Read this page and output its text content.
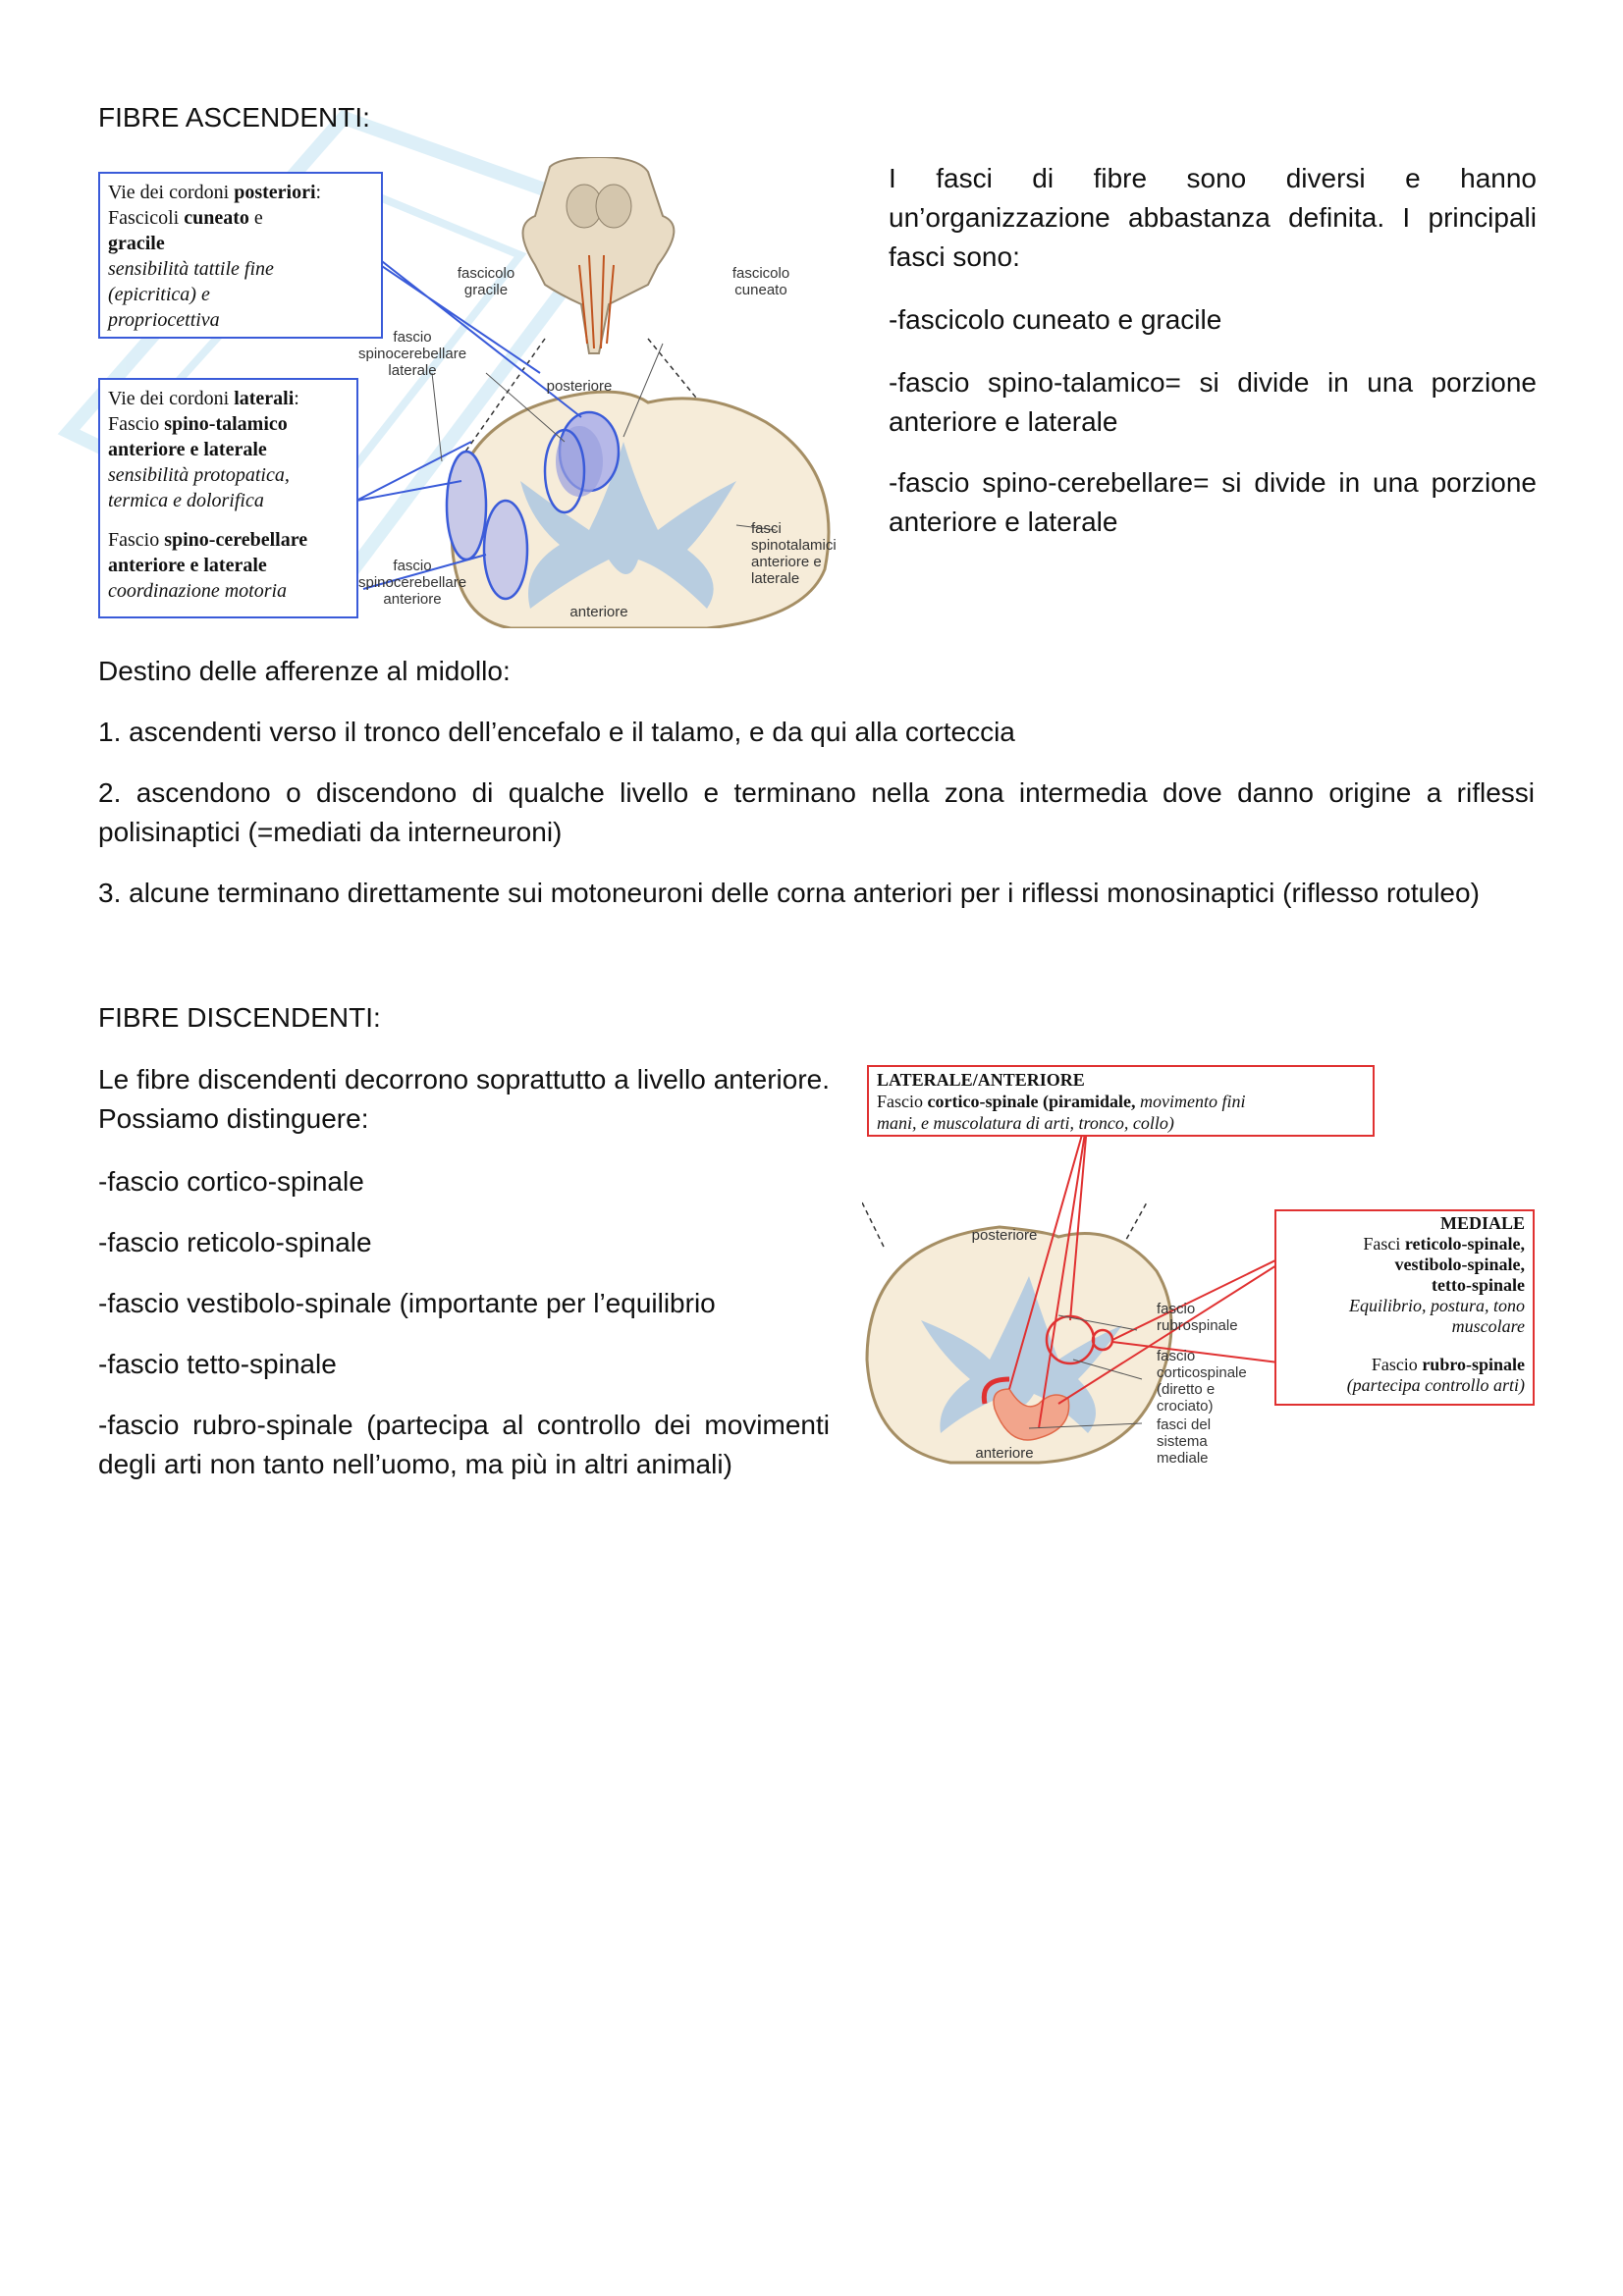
FIBRE ASCENDENTI:
Vie dei cordoni posteriori:
Fascicoli cuneato e
gracile
sensibilità tattile fine
(epicritica) e
propriocettiva
Vie dei cordoni laterali:
Fascio spino-talamico
anteriore e laterale
sensibilità protopatica,
termica e dolorifica
Fascio spino-cerebellare
anteriore e laterale
coordinazione motoria
fascicolo gracile
fascicolo cuneato
fascio spinocerebellare laterale
posteriore
fasci spinotalamici anteriore e laterale
fascio spinocerebellare anteriore
anteriore
I fasci di fibre sono diversi e hanno un’organizzazione abbastanza definita. I principali fasci sono:
-fascicolo cuneato e gracile
-fascio spino-talamico= si divide in una porzione anteriore e laterale
-fascio spino-cerebellare= si divide in una porzione anteriore e laterale
Destino delle afferenze al midollo:
1. ascendenti verso il tronco dell’encefalo e il talamo, e da qui alla corteccia
2. ascendono o discendono di qualche livello e terminano nella zona intermedia dove danno origine a riflessi polisinaptici (=mediati da interneuroni)
3. alcune terminano direttamente sui motoneuroni delle corna anteriori per i riflessi monosinaptici (riflesso rotuleo)
FIBRE DISCENDENTI:
Le fibre discendenti decorrono soprattutto a livello anteriore. Possiamo distinguere:
-fascio cortico-spinale
-fascio reticolo-spinale
-fascio vestibolo-spinale (importante per l’equilibrio
-fascio tetto-spinale
-fascio rubro-spinale (partecipa al controllo dei movimenti degli arti non tanto nell’uomo, ma più in altri animali)
LATERALE/ANTERIORE
Fascio cortico-spinale (piramidale, movimento fini
mani, e muscolatura di arti, tronco, collo)
MEDIALE
Fasci reticolo-spinale,
vestibolo-spinale,
tetto-spinale
Equilibrio, postura, tono
muscolare
Fascio rubro-spinale
(partecipa controllo arti)
posteriore
fascio rubrospinale
fascio corticospinale (diretto e crociato)
fasci del sistema mediale
anteriore
